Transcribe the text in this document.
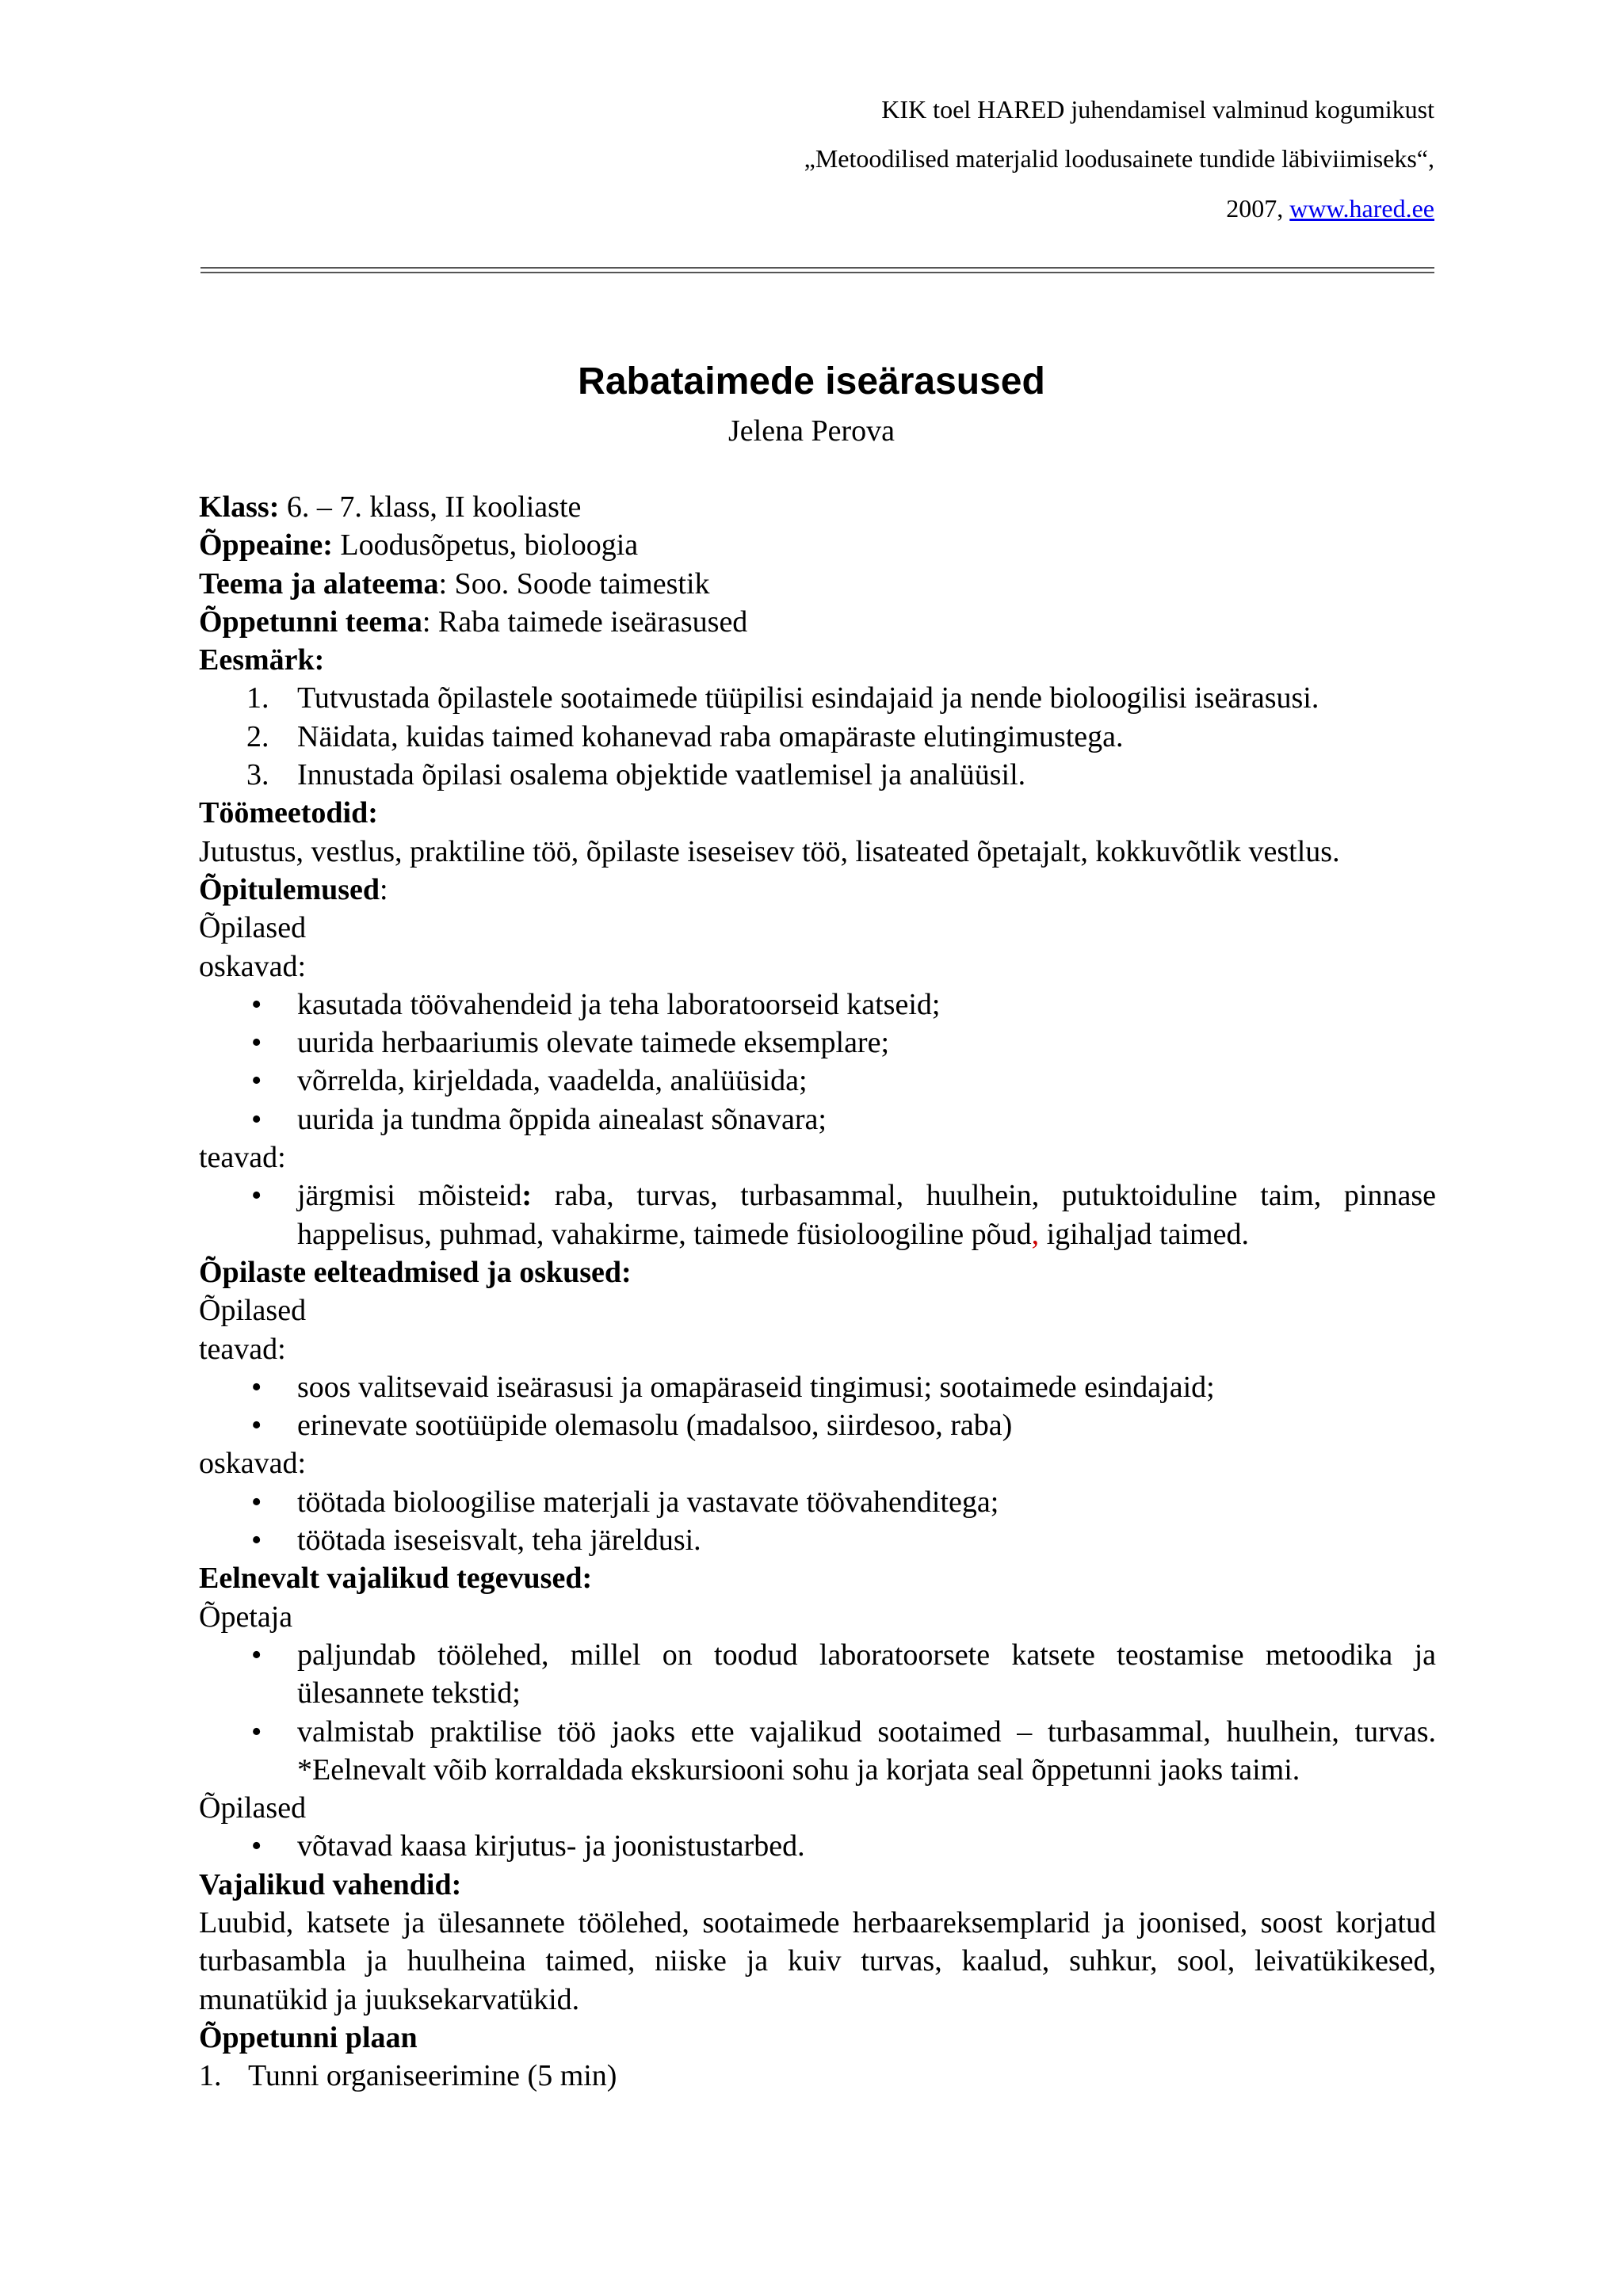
KIK toel HARED juhendamisel valminud kogumikust
„Metoodilised materjalid loodusainete tundide läbiviimiseks“,
2007, www.hared.ee
Rabataimede iseärasused
Jelena Perova

Klass: 6. – 7. klass, II kooliaste

Õppeaine: Loodusõpetus, bioloogia

Teema ja alateema: Soo. Soode taimestik

Õppetunni teema: Raba taimede iseärasused

Eesmärk:

1. Tutvustada õpilastele sootaimede tüüpilisi esindajaid ja nende bioloogilisi iseärasusi.
2. Näidata, kuidas taimed kohanevad raba omapäraste elutingimustega.
3. Innustada õpilasi osalema objektide vaatlemisel ja analüüsil.

Töömeetodid:

Jutustus, vestlus, praktiline töö, õpilaste iseseisev töö, lisateated õpetajalt, kokkuvõtlik vestlus.

Õpitulemused:

Õpilased

oskavad:

• kasutada töövahendeid ja teha laboratoorseid katseid;
• uurida herbaariumis olevate taimede eksemplare;
• võrrelda, kirjeldada, vaadelda, analüüsida;
• uurida ja tundma õppida ainealast sõnavara;

teavad:

• järgmisi mõisteid: raba, turvas, turbasammal, huulhein, putuktoiduline taim, pinnase happelisus, puhmad, vahakirme, taimede füsioloogiline põud, igihaljad taimed.

Õpilaste eelteadmised ja oskused:

Õpilased

teavad:

• soos valitsevaid iseärasusi ja omapäraseid tingimusi; sootaimede esindajaid;
• erinevate sootüüpide olemasolu (madalsoo, siirdesoo, raba)

oskavad:

• töötada bioloogilise materjali ja vastavate töövahenditega;
• töötada iseseisvalt, teha järeldusi.

Eelnevalt vajalikud tegevused:

Õpetaja

• paljundab töölehed, millel on toodud laboratoorsete katsete teostamise metoodika ja ülesannete tekstid;
• valmistab praktilise töö jaoks ette vajalikud sootaimed – turbasammal, huulhein, turvas. *Eelnevalt võib korraldada ekskursiooni sohu ja korjata seal õppetunni jaoks taimi.

Õpilased

• võtavad kaasa kirjutus- ja joonistustarbed.

Vajalikud vahendid:

Luubid, katsete ja ülesannete töölehed, sootaimede herbaareksemplarid ja joonised, soost korjatud turbasambla ja huulheina taimed, niiske ja kuiv turvas, kaalud, suhkur, sool, leivatükikesed, munatükid ja juuksekarvatükid.

Õppetunni plaan

1. Tunni organiseerimine (5 min)
